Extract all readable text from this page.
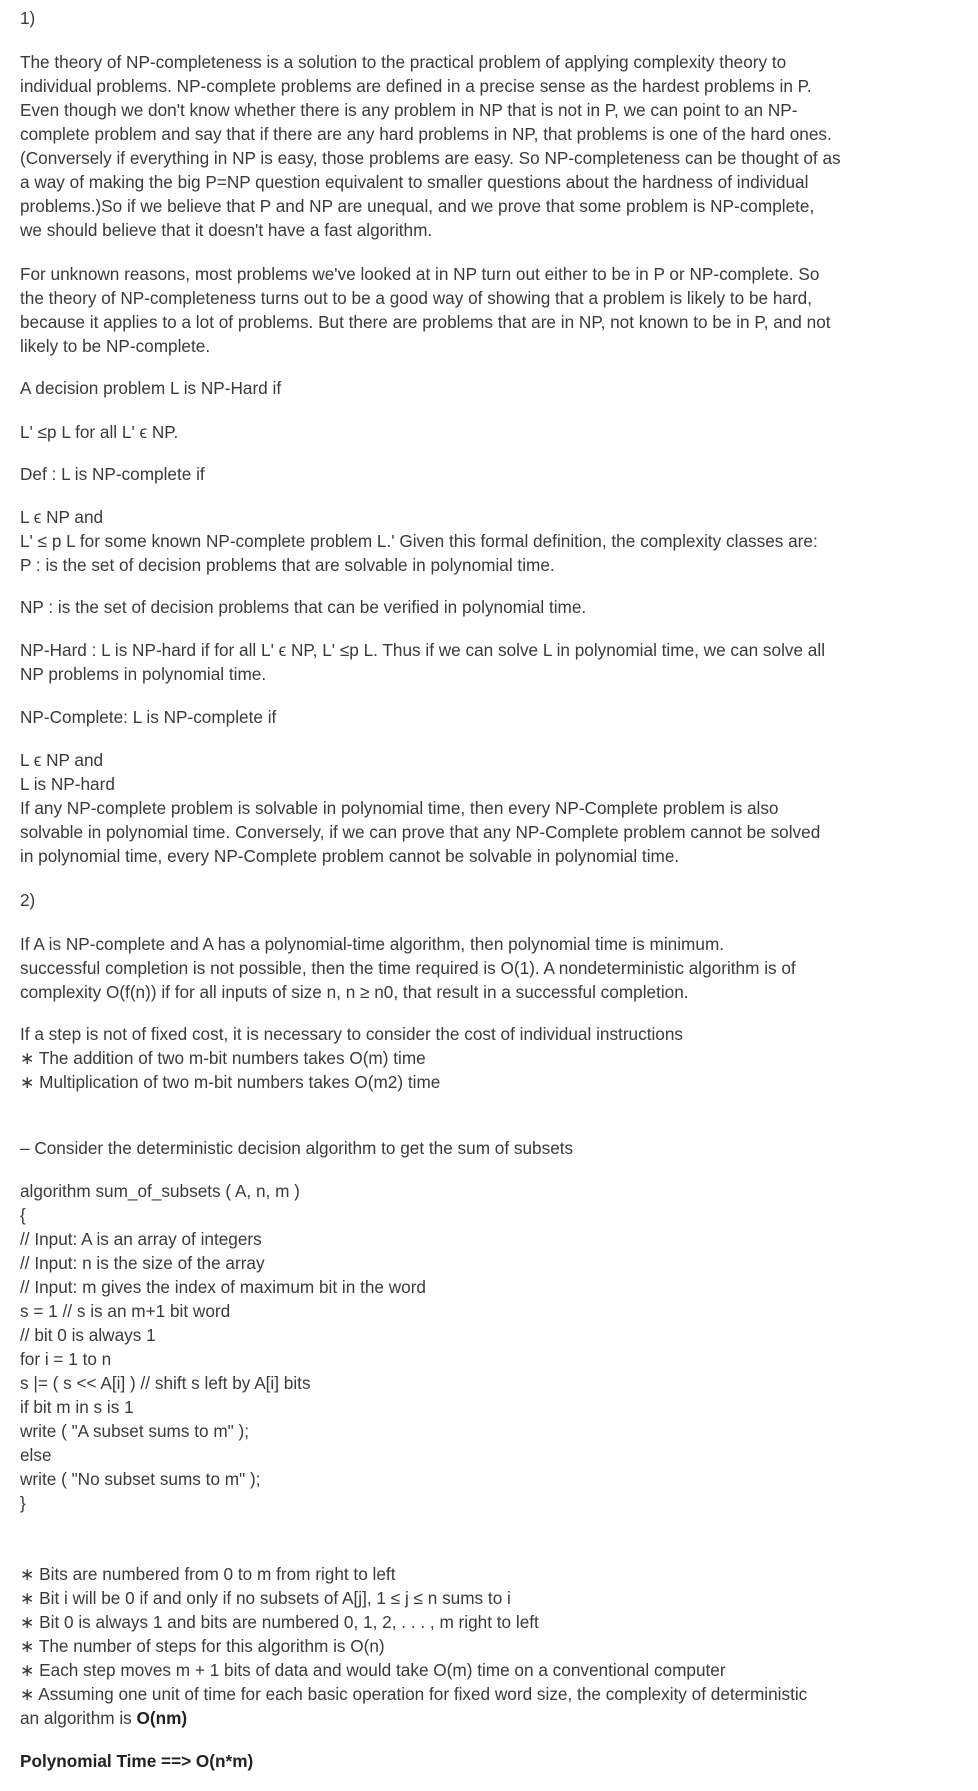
1)

The theory of NP-completeness is a solution to the practical problem of applying complexity theory to
individual problems. NP-complete problems are defined in a precise sense as the hardest problems in P.
Even though we don't know whether there is any problem in NP that is not in P, we can point to an NP-
complete problem and say that if there are any hard problems in NP, that problems is one of the hard ones.
(Conversely if everything in NP is easy, those problems are easy. So NP-completeness can be thought of as
a way of making the big P=NP question equivalent to smaller questions about the hardness of individual
problems.)So if we believe that P and NP are unequal, and we prove that some problem is NP-complete,
we should believe that it doesn't have a fast algorithm.
For unknown reasons, most problems we've looked at in NP turn out either to be in P or NP-complete. So
the theory of NP-completeness turns out to be a good way of showing that a problem is likely to be hard,
because it applies to a lot of problems. But there are problems that are in NP, not known to be in P, and not
likely to be NP-complete.

A decision problem L is NP-Hard if

L' ≤p L for all L' ϵ NP.

Def : L is NP-complete if

L ϵ NP and
L' ≤ p L for some known NP-complete problem L.' Given this formal definition, the complexity classes are:
P : is the set of decision problems that are solvable in polynomial time.

NP : is the set of decision problems that can be verified in polynomial time.

NP-Hard : L is NP-hard if for all L' ϵ NP, L' ≤p L. Thus if we can solve L in polynomial time, we can solve all
NP problems in polynomial time.

NP-Complete: L is NP-complete if

L ϵ NP and
L is NP-hard
If any NP-complete problem is solvable in polynomial time, then every NP-Complete problem is also
solvable in polynomial time. Conversely, if we can prove that any NP-Complete problem cannot be solved
in polynomial time, every NP-Complete problem cannot be solvable in polynomial time.

2)

If A is NP-complete and A has a polynomial-time algorithm, then polynomial time is minimum.
successful completion is not possible, then the time required is O(1). A nondeterministic algorithm is of
complexity O(f(n)) if for all inputs of size n, n ≥ n0, that result in a successful completion.
If a step is not of fixed cost, it is necessary to consider the cost of individual instructions
∗ The addition of two m-bit numbers takes O(m) time
∗ Multiplication of two m-bit numbers takes O(m2) time

– Consider the deterministic decision algorithm to get the sum of subsets

algorithm sum_of_subsets ( A, n, m )
{
// Input: A is an array of integers
// Input: n is the size of the array
// Input: m gives the index of maximum bit in the word
s = 1 // s is an m+1 bit word
// bit 0 is always 1
for i = 1 to n
s |= ( s << A[i] ) // shift s left by A[i] bits
if bit m in s is 1
write ( "A subset sums to m" );
else
write ( "No subset sums to m" );
}
∗ Bits are numbered from 0 to m from right to left
∗ Bit i will be 0 if and only if no subsets of A[j], 1 ≤ j ≤ n sums to i
∗ Bit 0 is always 1 and bits are numbered 0, 1, 2, . . . , m right to left
∗ The number of steps for this algorithm is O(n)
∗ Each step moves m + 1 bits of data and would take O(m) time on a conventional computer
∗ Assuming one unit of time for each basic operation for fixed word size, the complexity of deterministic
an algorithm is O(nm)

Polynomial Time ==> O(n*m)
